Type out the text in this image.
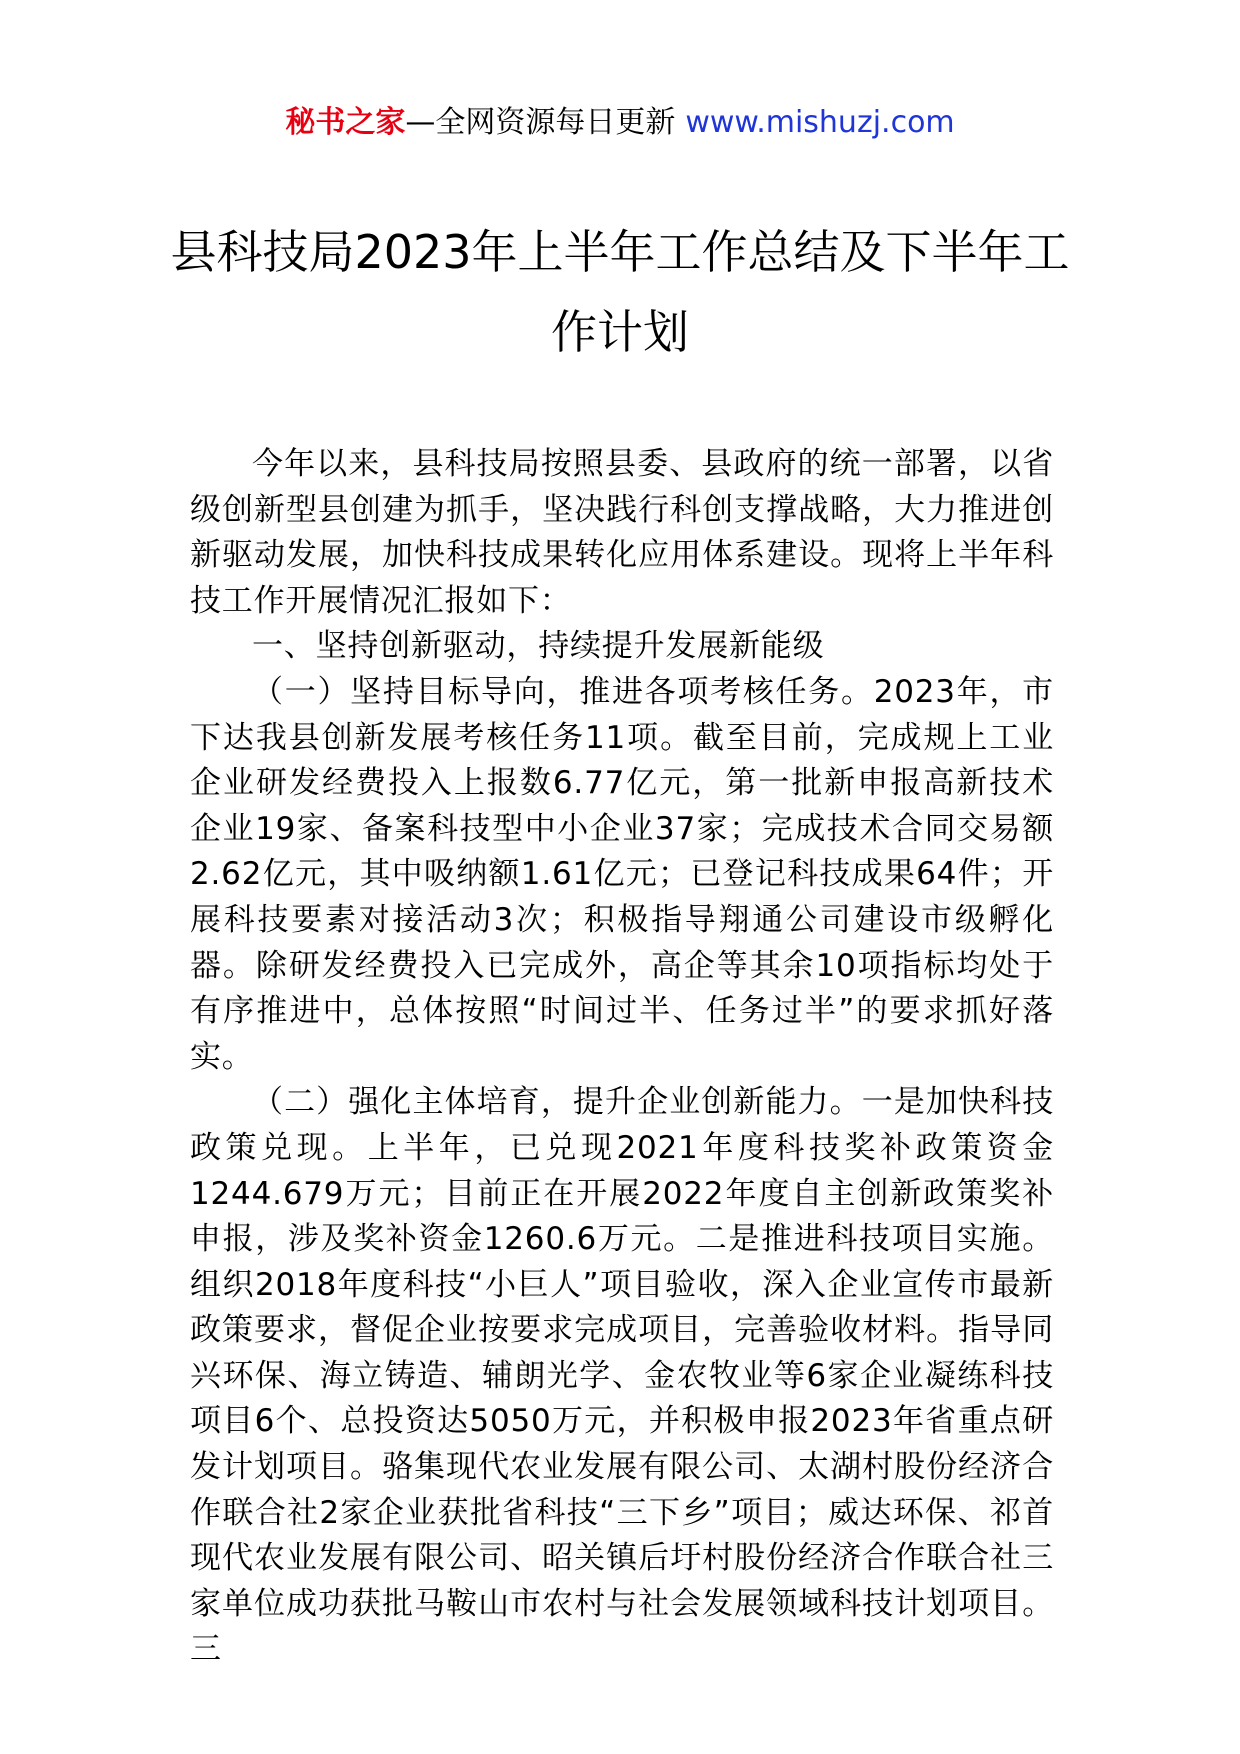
秘书之家—全网资源每日更新 www.mishuzj.com
县科技局2023年上半年工作总结及下半年工作计划

今年以来，县科技局按照县委、县政府的统一部署，以省级创新型县创建为抓手，坚决践行科创支撑战略，大力推进创新驱动发展，加快科技成果转化应用体系建设。现将上半年科技工作开展情况汇报如下：

一、坚持创新驱动，持续提升发展新能级

（一）坚持目标导向，推进各项考核任务。2023年，市下达我县创新发展考核任务11项。截至目前，完成规上工业企业研发经费投入上报数6.77亿元，第一批新申报高新技术企业19家、备案科技型中小企业37家；完成技术合同交易额2.62亿元，其中吸纳额1.61亿元；已登记科技成果64件；开展科技要素对接活动3次；积极指导翔通公司建设市级孵化器。除研发经费投入已完成外，高企等其余10项指标均处于有序推进中，总体按照“时间过半、任务过半”的要求抓好落实。

（二）强化主体培育，提升企业创新能力。一是加快科技政策兑现。上半年，已兑现2021年度科技奖补政策资金1244.679万元；目前正在开展2022年度自主创新政策奖补申报，涉及奖补资金1260.6万元。二是推进科技项目实施。组织2018年度科技“小巨人”项目验收，深入企业宣传市最新政策要求，督促企业按要求完成项目，完善验收材料。指导同兴环保、海立铸造、辅朗光学、金农牧业等6家企业凝练科技项目6个、总投资达5050万元，并积极申报2023年省重点研发计划项目。骆集现代农业发展有限公司、太湖村股份经济合作联合社2家企业获批省科技“三下乡”项目；威达环保、祁首现代农业发展有限公司、昭关镇后圩村股份经济合作联合社三家单位成功获批马鞍山市农村与社会发展领域科技计划项目。三
